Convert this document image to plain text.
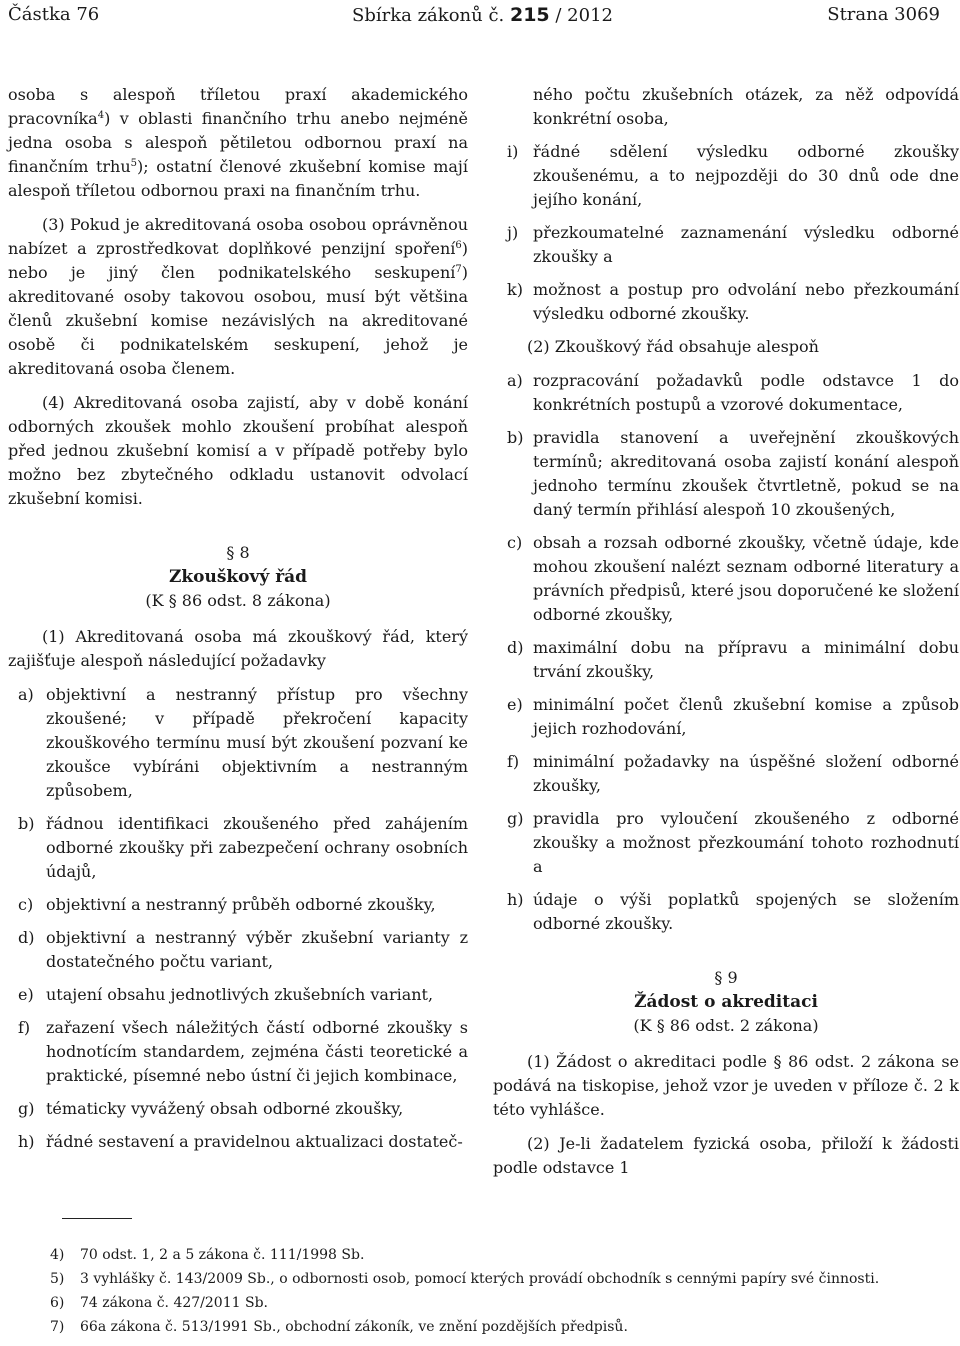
Částka 76	Sbírka zákonů č. 215 / 2012	Strana 3069

osoba s alespoň tříletou praxí akademického pracovníka$^4$) v oblasti finančního trhu anebo nejméně jedna osoba s alespoň pětiletou odbornou praxí na finančním trhu$^5$); ostatní členové zkušební komise mají alespoň tříletou odbornou praxi na finančním trhu.

(3) Pokud je akreditovaná osoba osobou oprávněnou nabízet a zprostředkovat doplňkové penzijní spoření$^6$) nebo je jiný člen podnikatelského seskupení$^7$) akreditované osoby takovou osobou, musí být většina členů zkušební komise nezávislých na akreditované osobě či podnikatelském seskupení, jehož je akreditovaná osoba členem.

(4) Akreditovaná osoba zajistí, aby v době konání odborných zkoušek mohlo zkoušení probíhat alespoň před jednou zkušební komisí a v případě potřeby bylo možno bez zbytečného odkladu ustanovit odvolací zkušební komisi.

§ 8
Zkouškový řád
(K § 86 odst. 8 zákona)

(1) Akreditovaná osoba má zkouškový řád, který zajišťuje alespoň následující požadavky

a) objektivní a nestranný přístup pro všechny zkoušené; v případě překročení kapacity zkouškového termínu musí být zkoušení pozvaní ke zkoušce vybíráni objektivním a nestranným způsobem,
b) řádnou identifikaci zkoušeného před zahájením odborné zkoušky při zabezpečení ochrany osobních údajů,
c) objektivní a nestranný průběh odborné zkoušky,
d) objektivní a nestranný výběr zkušební varianty z dostatečného počtu variant,
e) utajení obsahu jednotlivých zkušebních variant,
f) zařazení všech náležitých částí odborné zkoušky s hodnotícím standardem, zejména části teoretické a praktické, písemné nebo ústní či jejich kombinace,
g) tématicky vyvážený obsah odborné zkoušky,
h) řádné sestavení a pravidelnou aktualizaci dostateč-
ného počtu zkušebních otázek, za něž odpovídá konkrétní osoba,
i) řádné sdělení výsledku odborné zkoušky zkoušenému, a to nejpozději do 30 dnů ode dne jejího konání,
j) přezkoumatelné zaznamenání výsledku odborné zkoušky a
k) možnost a postup pro odvolání nebo přezkoumání výsledku odborné zkoušky.

(2) Zkouškový řád obsahuje alespoň

a) rozpracování požadavků podle odstavce 1 do konkrétních postupů a vzorové dokumentace,
b) pravidla stanovení a uveřejnění zkouškových termínů; akreditovaná osoba zajistí konání alespoň jednoho termínu zkoušek čtvrtletně, pokud se na daný termín přihlásí alespoň 10 zkoušených,
c) obsah a rozsah odborné zkoušky, včetně údaje, kde mohou zkoušení nalézt seznam odborné literatury a právních předpisů, které jsou doporučené ke složení odborné zkoušky,
d) maximální dobu na přípravu a minimální dobu trvání zkoušky,
e) minimální počet členů zkušební komise a způsob jejich rozhodování,
f) minimální požadavky na úspěšné složení odborné zkoušky,
g) pravidla pro vyloučení zkoušeného z odborné zkoušky a možnost přezkoumání tohoto rozhodnutí a
h) údaje o výši poplatků spojených se složením odborné zkoušky.
§ 9
Žádost o akreditaci
(K § 86 odst. 2 zákona)

(1) Žádost o akreditaci podle § 86 odst. 2 zákona se podává na tiskopise, jehož vzor je uveden v příloze č. 2 k této vyhlášce.

(2) Je-li žadatelem fyzická osoba, přiloží k žádosti podle odstavce 1

4) 70 odst. 1, 2 a 5 zákona č. 111/1998 Sb.
5) 3 vyhlášky č. 143/2009 Sb., o odbornosti osob, pomocí kterých provádí obchodník s cennými papíry své činnosti.
6) 74 zákona č. 427/2011 Sb.
7) 66a zákona č. 513/1991 Sb., obchodní zákoník, ve znění pozdějších předpisů.
